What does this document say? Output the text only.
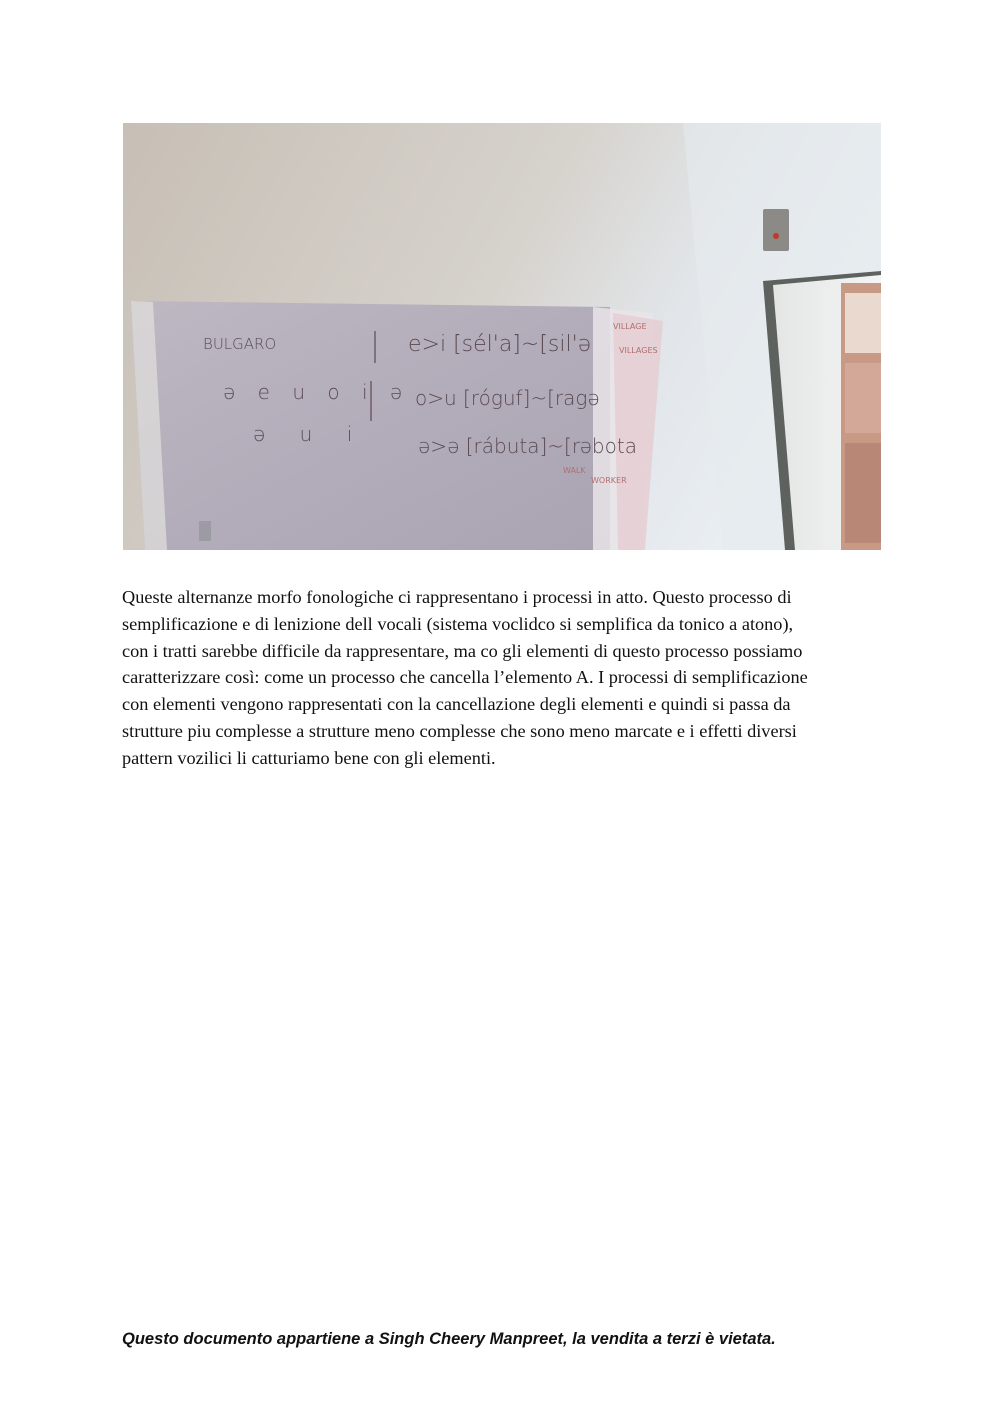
BULGARO
ǝ e u o i ǝ
ǝ u i
e>i [sél'a]~[sil'ǝ
o>u [róguf]~[ragǝ
ǝ>ǝ [rábuta]~[rǝbota
VILLAGE
VILLAGES
WALK
WORKER
Queste alternanze morfo fonologiche ci rappresentano i processi in atto. Questo processo di
semplificazione e di lenizione dell vocali (sistema voclidco si semplifica da tonico a atono),
con i tratti sarebbe difficile da rappresentare, ma co gli elementi di questo processo possiamo
caratterizzare così: come un processo che cancella l’elemento A. I processi di semplificazione
con elementi vengono rappresentati con la cancellazione degli elementi e quindi si passa da
strutture piu complesse a strutture meno complesse che sono meno marcate e i effetti diversi
pattern vozilici li catturiamo bene con gli elementi.

Questo documento appartiene a Singh Cheery Manpreet, la vendita a terzi è vietata.
